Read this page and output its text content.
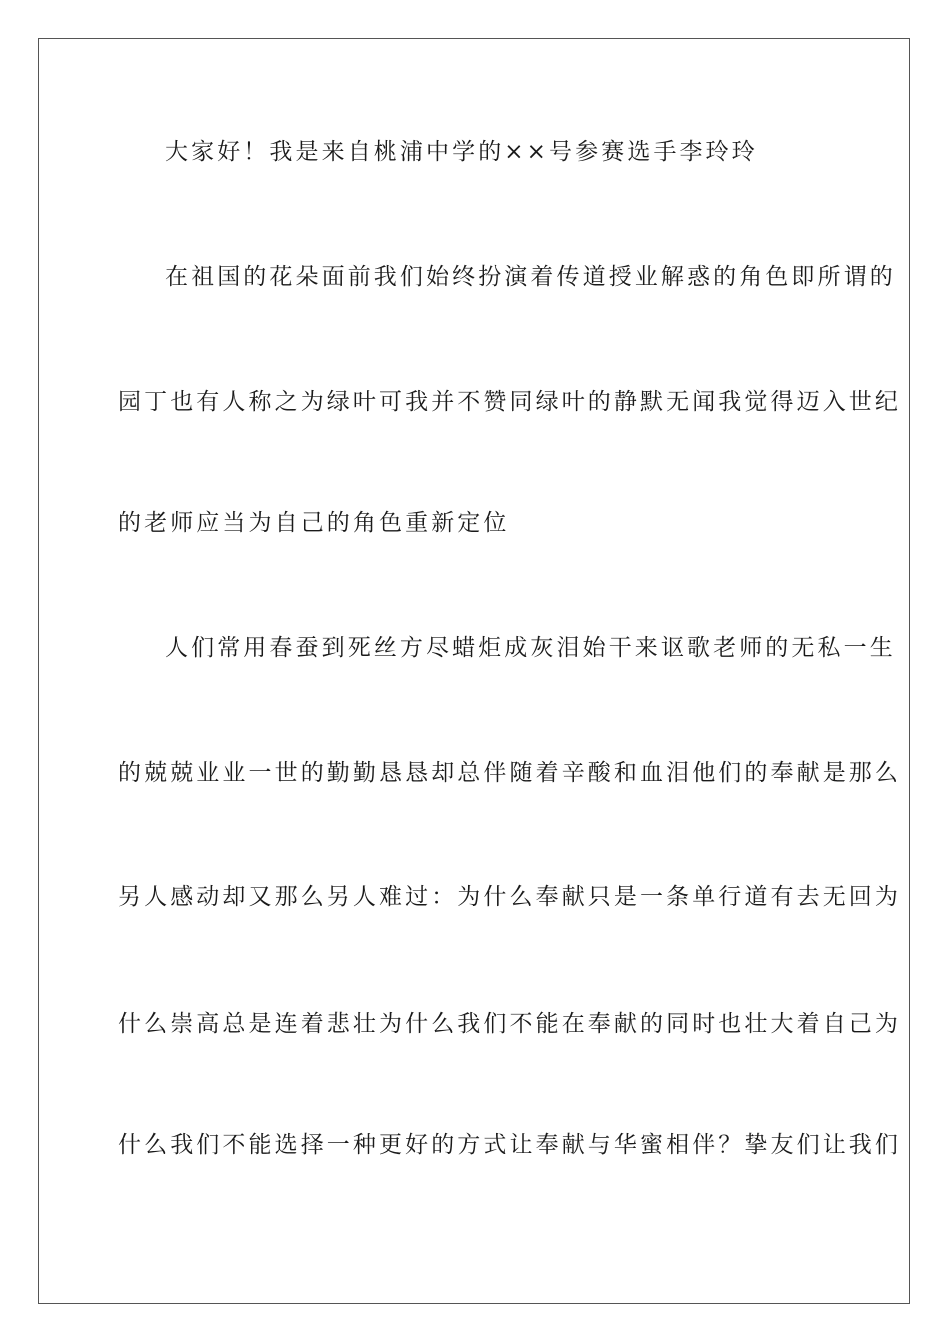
大家好！我是来自桃浦中学的××号参赛选手李玲玲
在祖国的花朵面前我们始终扮演着传道授业解惑的角色即所谓的
园丁也有人称之为绿叶可我并不赞同绿叶的静默无闻我觉得迈入世纪
的老师应当为自己的角色重新定位
人们常用春蚕到死丝方尽蜡炬成灰泪始干来讴歌老师的无私一生
的兢兢业业一世的勤勤恳恳却总伴随着辛酸和血泪他们的奉献是那么
另人感动却又那么另人难过：为什么奉献只是一条单行道有去无回为
什么崇高总是连着悲壮为什么我们不能在奉献的同时也壮大着自己为
什么我们不能选择一种更好的方式让奉献与华蜜相伴？挚友们让我们
